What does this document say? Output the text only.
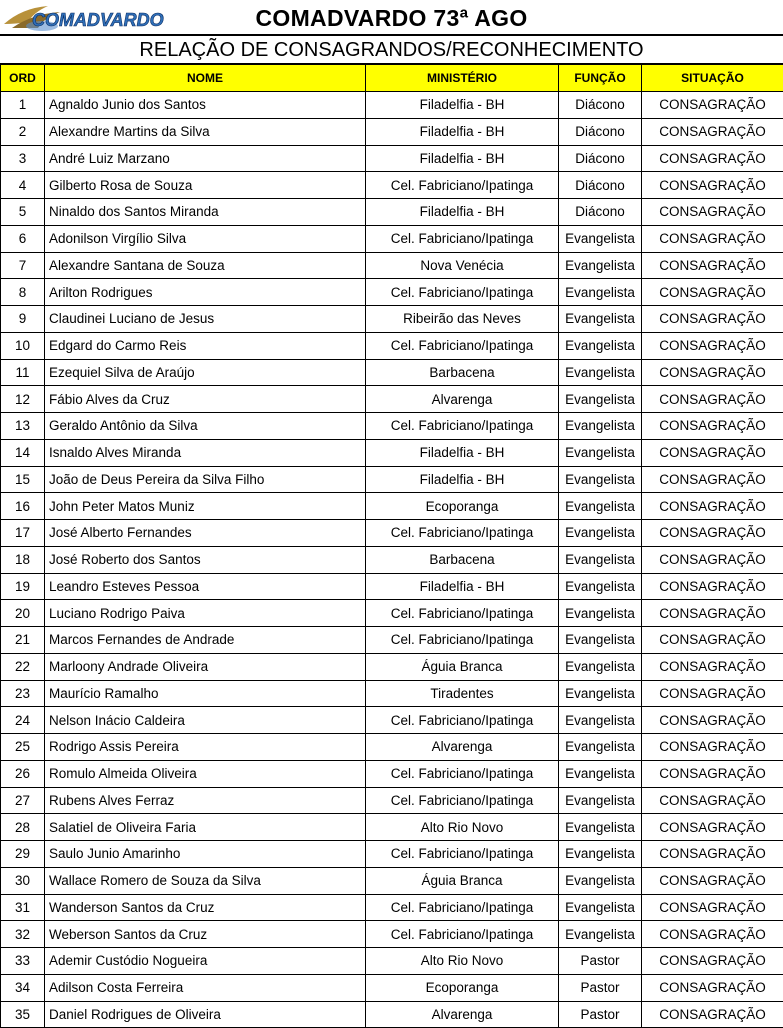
COMADVARDO	COMADVARDO 73ª AGO
RELAÇÃO DE CONSAGRANDOS/RECONHECIMENTO
ORD	NOME	MINISTÉRIO	FUNÇÃO	SITUAÇÃO
1	Agnaldo Junio dos Santos	Filadelfia - BH	Diácono	CONSAGRAÇÃO
2	Alexandre Martins da Silva	Filadelfia - BH	Diácono	CONSAGRAÇÃO
3	André Luiz Marzano	Filadelfia - BH	Diácono	CONSAGRAÇÃO
4	Gilberto Rosa de Souza	Cel. Fabriciano/Ipatinga	Diácono	CONSAGRAÇÃO
5	Ninaldo dos Santos Miranda	Filadelfia - BH	Diácono	CONSAGRAÇÃO
6	Adonilson Virgílio Silva	Cel. Fabriciano/Ipatinga	Evangelista	CONSAGRAÇÃO
7	Alexandre Santana de Souza	Nova Venécia	Evangelista	CONSAGRAÇÃO
8	Arilton Rodrigues	Cel. Fabriciano/Ipatinga	Evangelista	CONSAGRAÇÃO
9	Claudinei Luciano de Jesus	Ribeirão das Neves	Evangelista	CONSAGRAÇÃO
10	Edgard do Carmo Reis	Cel. Fabriciano/Ipatinga	Evangelista	CONSAGRAÇÃO
11	Ezequiel Silva de Araújo	Barbacena	Evangelista	CONSAGRAÇÃO
12	Fábio Alves da Cruz	Alvarenga	Evangelista	CONSAGRAÇÃO
13	Geraldo Antônio da Silva	Cel. Fabriciano/Ipatinga	Evangelista	CONSAGRAÇÃO
14	Isnaldo Alves Miranda	Filadelfia - BH	Evangelista	CONSAGRAÇÃO
15	João de Deus Pereira da Silva Filho	Filadelfia - BH	Evangelista	CONSAGRAÇÃO
16	John Peter Matos Muniz	Ecoporanga	Evangelista	CONSAGRAÇÃO
17	José Alberto Fernandes	Cel. Fabriciano/Ipatinga	Evangelista	CONSAGRAÇÃO
18	José Roberto dos Santos	Barbacena	Evangelista	CONSAGRAÇÃO
19	Leandro Esteves Pessoa	Filadelfia - BH	Evangelista	CONSAGRAÇÃO
20	Luciano Rodrigo Paiva	Cel. Fabriciano/Ipatinga	Evangelista	CONSAGRAÇÃO
21	Marcos Fernandes de Andrade	Cel. Fabriciano/Ipatinga	Evangelista	CONSAGRAÇÃO
22	Marloony Andrade Oliveira	Águia Branca	Evangelista	CONSAGRAÇÃO
23	Maurício Ramalho	Tiradentes	Evangelista	CONSAGRAÇÃO
24	Nelson Inácio Caldeira	Cel. Fabriciano/Ipatinga	Evangelista	CONSAGRAÇÃO
25	Rodrigo Assis Pereira	Alvarenga	Evangelista	CONSAGRAÇÃO
26	Romulo Almeida Oliveira	Cel. Fabriciano/Ipatinga	Evangelista	CONSAGRAÇÃO
27	Rubens Alves Ferraz	Cel. Fabriciano/Ipatinga	Evangelista	CONSAGRAÇÃO
28	Salatiel de Oliveira Faria	Alto Rio Novo	Evangelista	CONSAGRAÇÃO
29	Saulo Junio Amarinho	Cel. Fabriciano/Ipatinga	Evangelista	CONSAGRAÇÃO
30	Wallace Romero de Souza da Silva	Águia Branca	Evangelista	CONSAGRAÇÃO
31	Wanderson Santos da Cruz	Cel. Fabriciano/Ipatinga	Evangelista	CONSAGRAÇÃO
32	Weberson Santos da Cruz	Cel. Fabriciano/Ipatinga	Evangelista	CONSAGRAÇÃO
33	Ademir Custódio Nogueira	Alto Rio Novo	Pastor	CONSAGRAÇÃO
34	Adilson Costa Ferreira	Ecoporanga	Pastor	CONSAGRAÇÃO
35	Daniel Rodrigues de Oliveira	Alvarenga	Pastor	CONSAGRAÇÃO
